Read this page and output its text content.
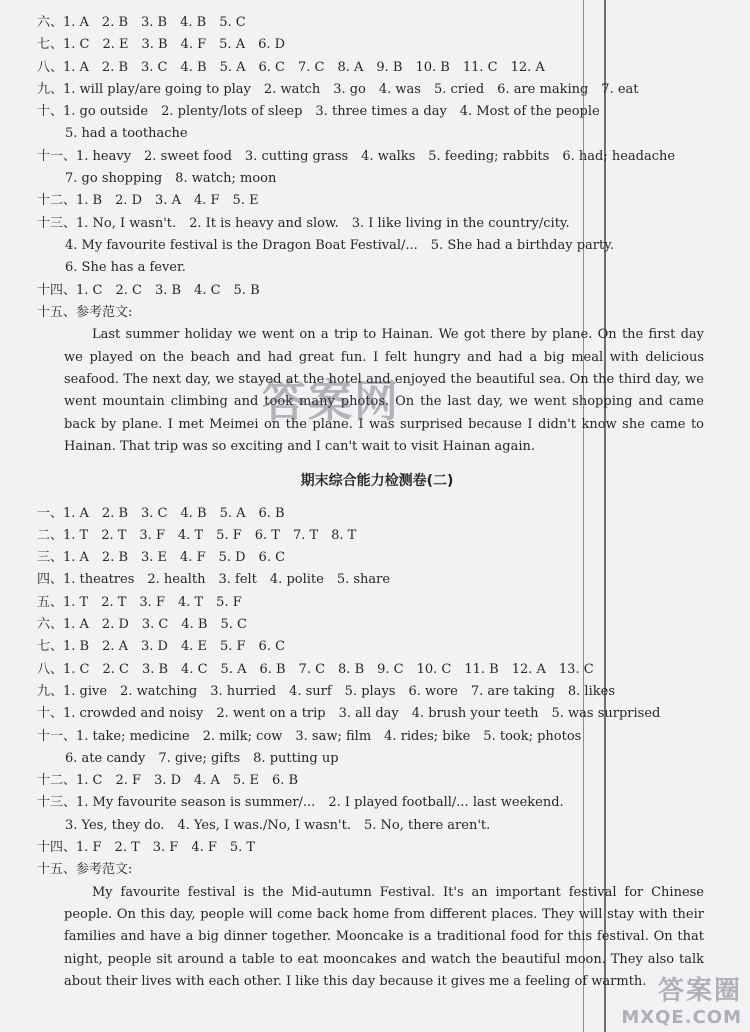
六、1. A　2. B　3. B　4. B　5. C
七、1. C　2. E　3. B　4. F　5. A　6. D
八、1. A　2. B　3. C　4. B　5. A　6. C　7. C　8. A　9. B　10. B　11. C　12. A
九、1. will play/are going to play　2. watch　3. go　4. was　5. cried　6. are making　7. eat
十、1. go outside　2. plenty/lots of sleep　3. three times a day　4. Most of the people
5. had a toothache
十一、1. heavy　2. sweet food　3. cutting grass　4. walks　5. feeding; rabbits　6. had; headache
7. go shopping　8. watch; moon
十二、1. B　2. D　3. A　4. F　5. E
十三、1. No, I wasn't.　2. It is heavy and slow.　3. I like living in the country/city.
4. My favourite festival is the Dragon Boat Festival/...　5. She had a birthday party.
6. She has a fever.
十四、1. C　2. C　3. B　4. C　5. B
十五、参考范文:
Last summer holiday we went on a trip to Hainan. We got there by plane. On the first day we played on the beach and had great fun. I felt hungry and had a big meal with delicious seafood. The next day, we stayed at the hotel and enjoyed the beautiful sea. On the third day, we went mountain climbing and took many photos. On the last day, we went shopping and came back by plane. I met Meimei on the plane. I was surprised because I didn't know she came to Hainan. That trip was so exciting and I can't wait to visit Hainan again.
期末综合能力检测卷(二)
一、1. A　2. B　3. C　4. B　5. A　6. B
二、1. T　2. T　3. F　4. T　5. F　6. T　7. T　8. T
三、1. A　2. B　3. E　4. F　5. D　6. C
四、1. theatres　2. health　3. felt　4. polite　5. share
五、1. T　2. T　3. F　4. T　5. F
六、1. A　2. D　3. C　4. B　5. C
七、1. B　2. A　3. D　4. E　5. F　6. C
八、1. C　2. C　3. B　4. C　5. A　6. B　7. C　8. B　9. C　10. C　11. B　12. A　13. C
九、1. give　2. watching　3. hurried　4. surf　5. plays　6. wore　7. are taking　8. likes
十、1. crowded and noisy　2. went on a trip　3. all day　4. brush your teeth　5. was surprised
十一、1. take; medicine　2. milk; cow　3. saw; film　4. rides; bike　5. took; photos
6. ate candy　7. give; gifts　8. putting up
十二、1. C　2. F　3. D　4. A　5. E　6. B
十三、1. My favourite season is summer/...　2. I played football/... last weekend.
3. Yes, they do.　4. Yes, I was./No, I wasn't.　5. No, there aren't.
十四、1. F　2. T　3. F　4. F　5. T
十五、参考范文:
My favourite festival is the Mid-autumn Festival. It's an important festival for Chinese people. On this day, people will come back home from different places. They will stay with their families and have a big dinner together. Mooncake is a traditional food for this festival. On that night, people sit around a table to eat mooncakes and watch the beautiful moon. They also talk about their lives with each other. I like this day because it gives me a feeling of warmth.
答案网
答案圈
MXQE.COM
